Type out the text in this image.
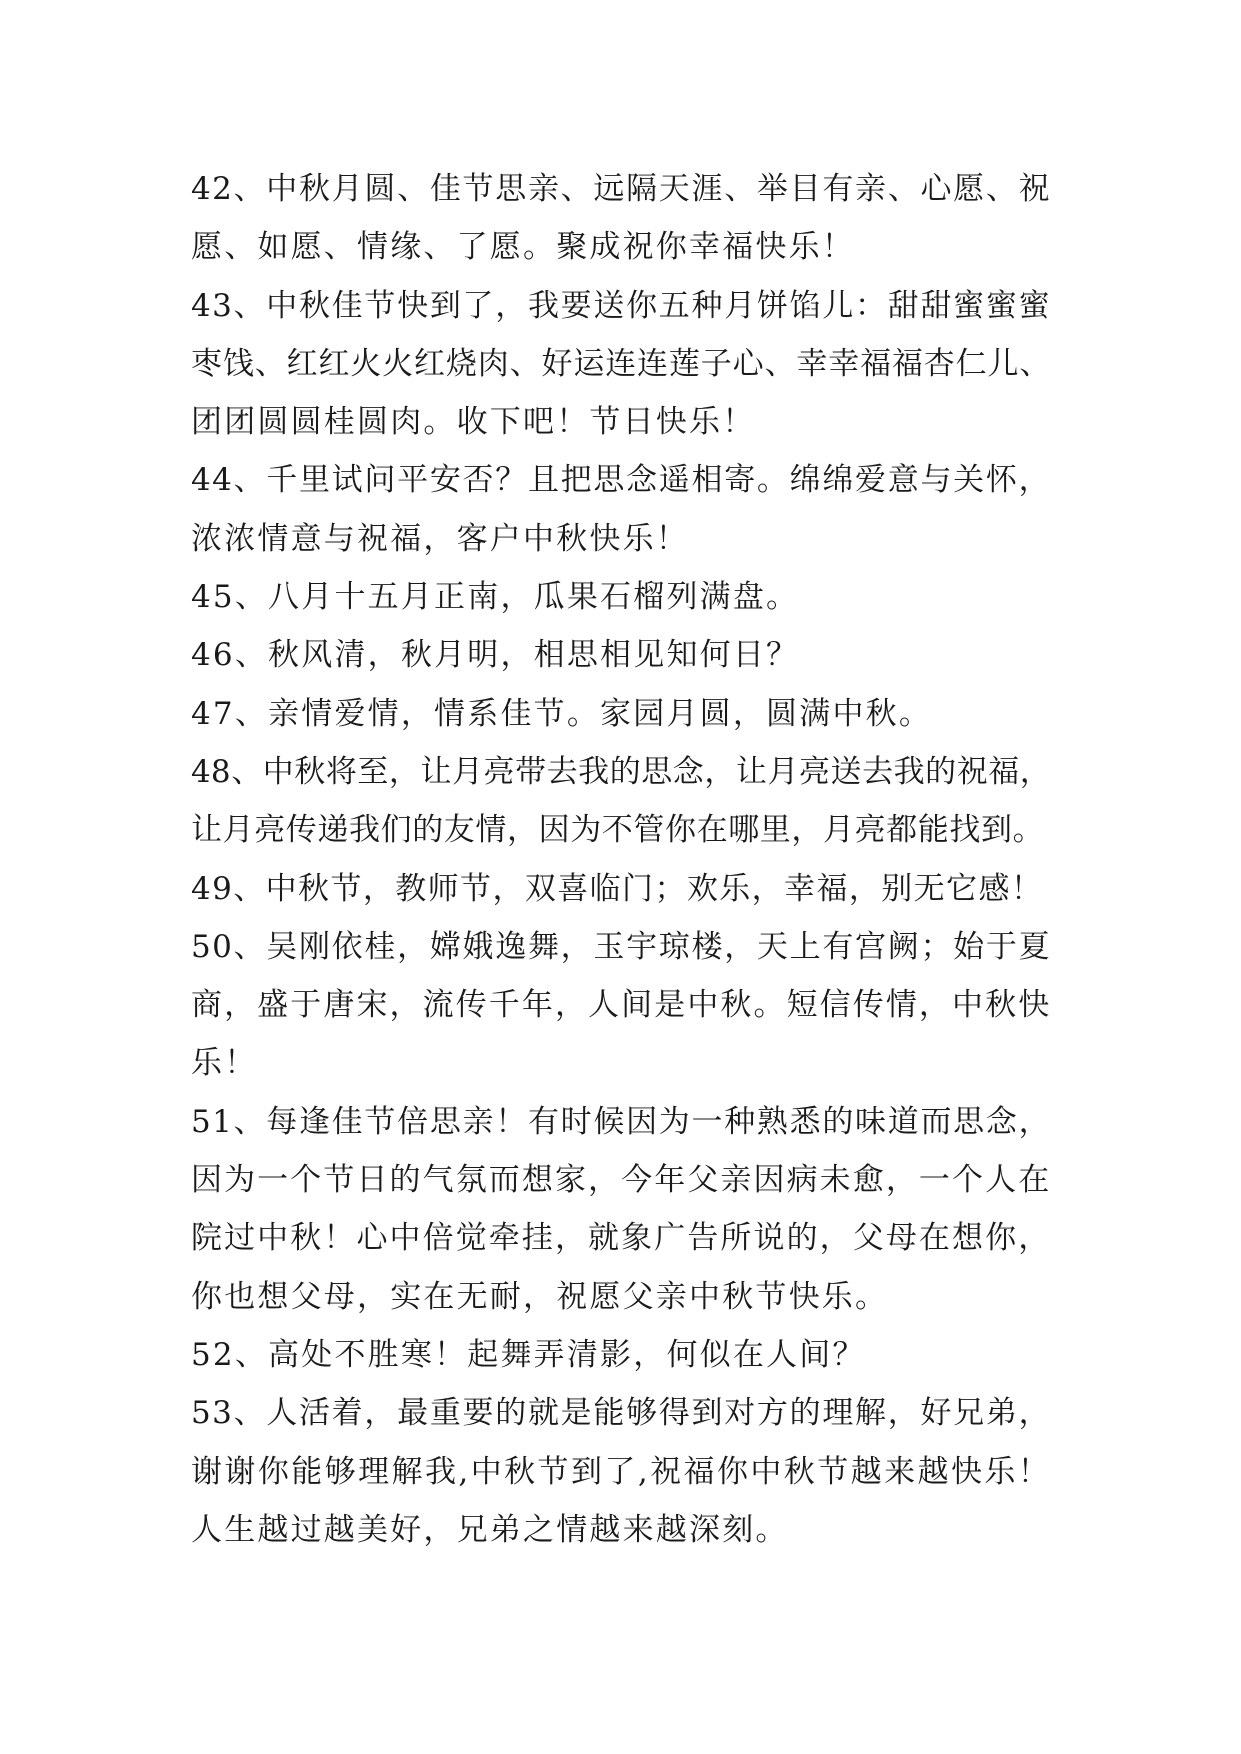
42、中秋月圆、佳节思亲、远隔天涯、举目有亲、心愿、祝
愿、如愿、情缘、了愿。聚成祝你幸福快乐！
43、中秋佳节快到了，我要送你五种月饼馅儿：甜甜蜜蜜蜜
枣饯、红红火火红烧肉、好运连连莲子心、幸幸福福杏仁儿、
团团圆圆桂圆肉。收下吧！节日快乐！
44、千里试问平安否？且把思念遥相寄。绵绵爱意与关怀，
浓浓情意与祝福，客户中秋快乐！
45、八月十五月正南，瓜果石榴列满盘。
46、秋风清，秋月明，相思相见知何日？
47、亲情爱情，情系佳节。家园月圆，圆满中秋。
48、中秋将至，让月亮带去我的思念，让月亮送去我的祝福，
让月亮传递我们的友情，因为不管你在哪里，月亮都能找到。
49、中秋节，教师节，双喜临门；欢乐，幸福，别无它感！
50、吴刚依桂，嫦娥逸舞，玉宇琼楼，天上有宫阙；始于夏
商，盛于唐宋，流传千年，人间是中秋。短信传情，中秋快
乐！
51、每逢佳节倍思亲！有时候因为一种熟悉的味道而思念，
因为一个节日的气氛而想家，今年父亲因病未愈，一个人在
院过中秋！心中倍觉牵挂，就象广告所说的，父母在想你，
你也想父母，实在无耐，祝愿父亲中秋节快乐。
52、高处不胜寒！起舞弄清影，何似在人间？
53、人活着，最重要的就是能够得到对方的理解，好兄弟，
谢谢你能够理解我,中秋节到了,祝福你中秋节越来越快乐！
人生越过越美好，兄弟之情越来越深刻。
